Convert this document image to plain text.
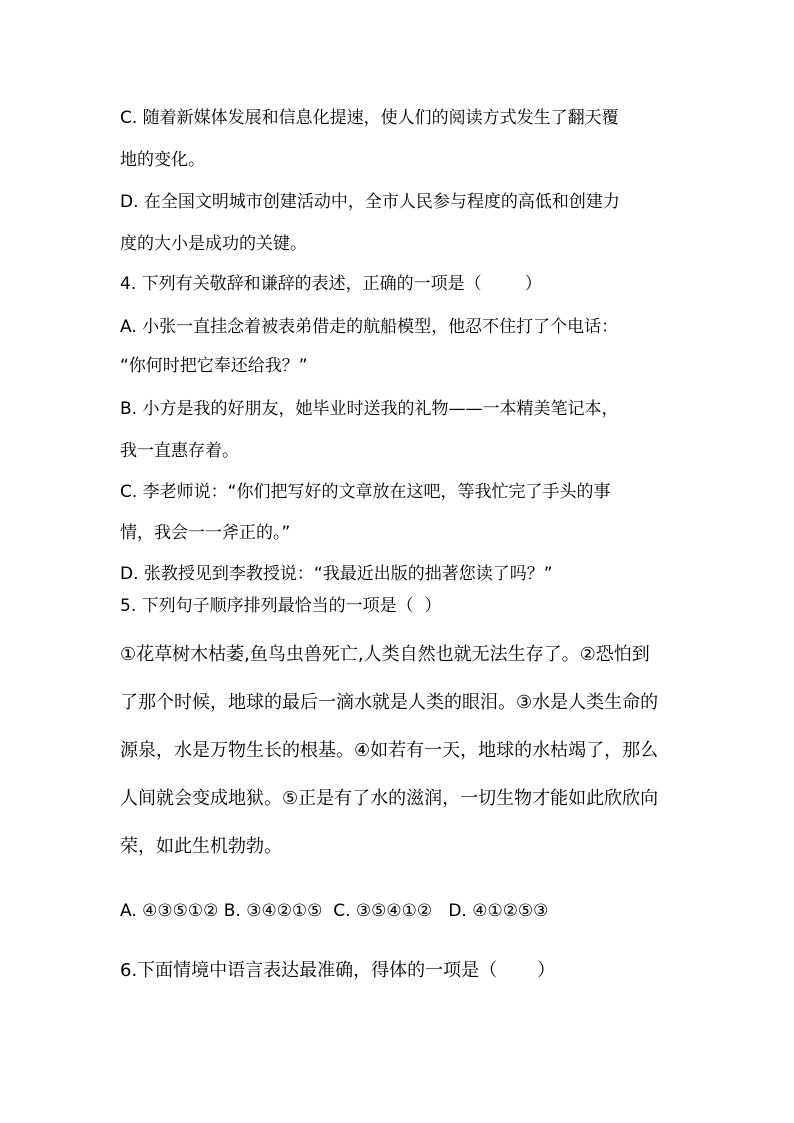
C. 随着新媒体发展和信息化提速，使人们的阅读方式发生了翻天覆
地的变化。
D. 在全国文明城市创建活动中，全市人民参与程度的高低和创建力
度的大小是成功的关键。
4. 下列有关敬辞和谦辞的表述，正确的一项是（        ）
A. 小张一直挂念着被表弟借走的航船模型，他忍不住打了个电话：
“你何时把它奉还给我？”
B. 小方是我的好朋友，她毕业时送我的礼物——一本精美笔记本，
我一直惠存着。
C. 李老师说：“你们把写好的文章放在这吧，等我忙完了手头的事
情，我会一一斧正的。”
D. 张教授见到李教授说：“我最近出版的拙著您读了吗？”
5. 下列句子顺序排列最恰当的一项是（  ）
①花草树木枯萎,鱼鸟虫兽死亡,人类自然也就无法生存了。②恐怕到
了那个时候，地球的最后一滴水就是人类的眼泪。③水是人类生命的
源泉，水是万物生长的根基。④如若有一天，地球的水枯竭了，那么
人间就会变成地狱。⑤正是有了水的滋润，一切生物才能如此欣欣向
荣，如此生机勃勃。
A. ④③⑤①② B. ③④②①⑤  C. ③⑤④①②   D. ④①②⑤③
6.下面情境中语言表达最准确，得体的一项是（       ）
